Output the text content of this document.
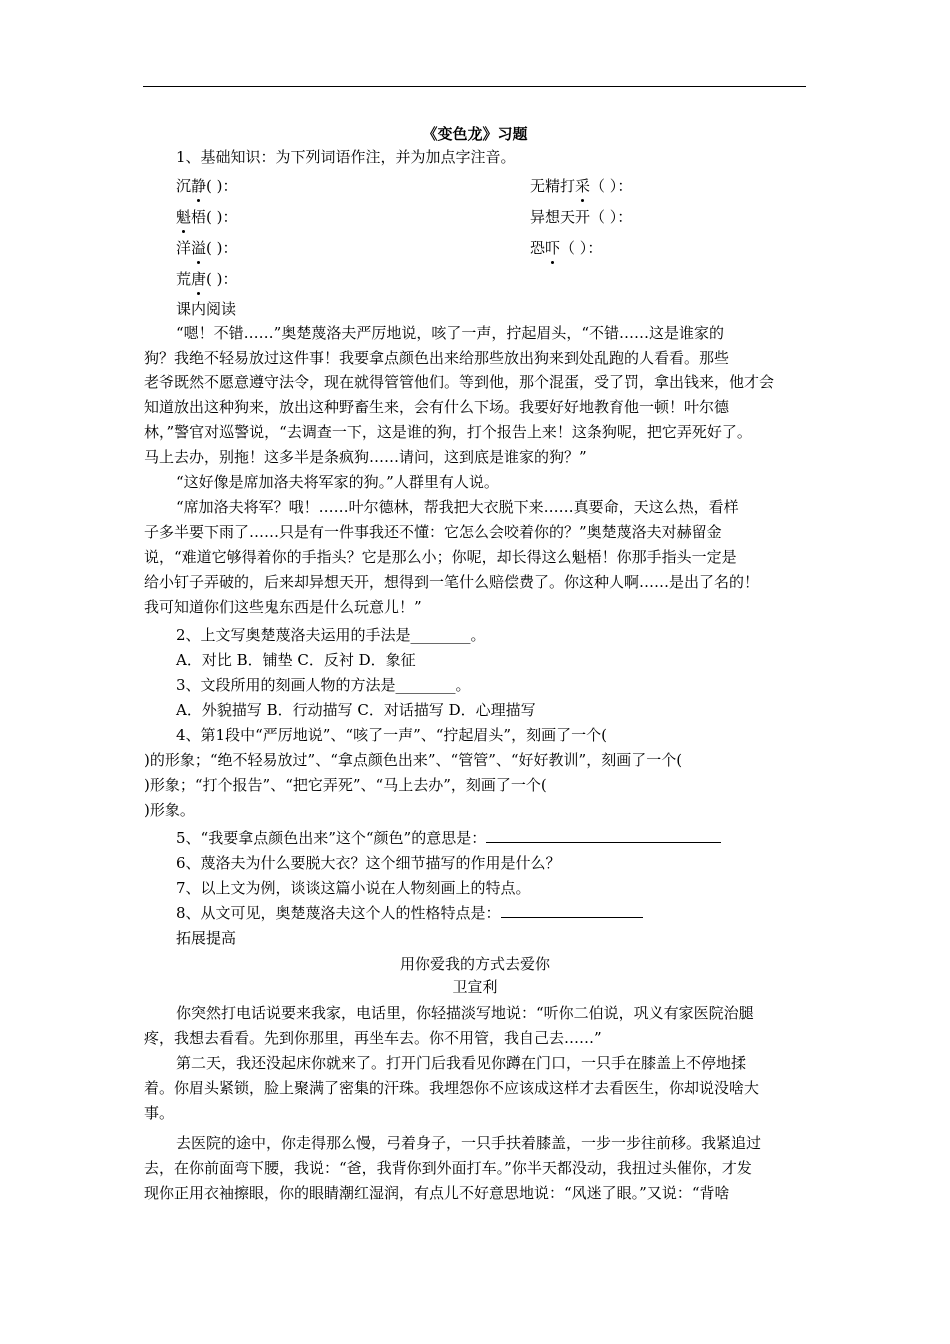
《变色龙》习题
1、基础知识：为下列词语作注，并为加点字注音。
沉静( )：
魁梧( )：
洋溢( )：
荒唐( )：
无精打采（ ）：
异想天开（ ）：
恐吓（ ）：
课内阅读
“嗯！不错……”奥楚蔑洛夫严厉地说，咳了一声，拧起眉头，“不错……这是谁家的
狗？我绝不轻易放过这件事！我要拿点颜色出来给那些放出狗来到处乱跑的人看看。那些
老爷既然不愿意遵守法令，现在就得管管他们。等到他，那个混蛋，受了罚，拿出钱来，他才会
知道放出这种狗来，放出这种野畜生来，会有什么下场。我要好好地教育他一顿！叶尔德
林，”警官对巡警说，“去调查一下，这是谁的狗，打个报告上来！这条狗呢，把它弄死好了。
马上去办，别拖！这多半是条疯狗……请问，这到底是谁家的狗？”
“这好像是席加洛夫将军家的狗。”人群里有人说。
“席加洛夫将军？哦！……叶尔德林，帮我把大衣脱下来……真要命，天这么热，看样
子多半要下雨了……只是有一件事我还不懂：它怎么会咬着你的？”奥楚蔑洛夫对赫留金
说，“难道它够得着你的手指头？它是那么小；你呢，却长得这么魁梧！你那手指头一定是
给小钉子弄破的，后来却异想天开，想得到一笔什么赔偿费了。你这种人啊……是出了名的！
我可知道你们这些鬼东西是什么玩意儿！”
2、上文写奥楚蔑洛夫运用的手法是________。
A．对比 B．铺垫 C．反衬 D．象征
3、文段所用的刻画人物的方法是________。
A．外貌描写 B．行动描写 C．对话描写 D．心理描写
4、第1段中“严厉地说”、“咳了一声”、“拧起眉头”，刻画了一个(
)的形象；“绝不轻易放过”、“拿点颜色出来”、“管管”、“好好教训”，刻画了一个(
)形象；“打个报告”、“把它弄死”、“马上去办”，刻画了一个(
)形象。
5、“我要拿点颜色出来”这个“颜色”的意思是：
6、蔑洛夫为什么要脱大衣？这个细节描写的作用是什么？
7、以上文为例，谈谈这篇小说在人物刻画上的特点。
8、从文可见，奥楚蔑洛夫这个人的性格特点是：
拓展提高
用你爱我的方式去爱你
卫宣利
你突然打电话说要来我家，电话里，你轻描淡写地说：“听你二伯说，巩义有家医院治腿
疼，我想去看看。先到你那里，再坐车去。你不用管，我自己去……”
第二天，我还没起床你就来了。打开门后我看见你蹲在门口，一只手在膝盖上不停地揉
着。你眉头紧锁，脸上聚满了密集的汗珠。我埋怨你不应该成这样才去看医生，你却说没啥大
事。
去医院的途中，你走得那么慢，弓着身子，一只手扶着膝盖，一步一步往前移。我紧追过
去，在你前面弯下腰，我说：“爸，我背你到外面打车。”你半天都没动，我扭过头催你，才发
现你正用衣袖擦眼，你的眼睛潮红湿润，有点儿不好意思地说：“风迷了眼。”又说：“背啥
